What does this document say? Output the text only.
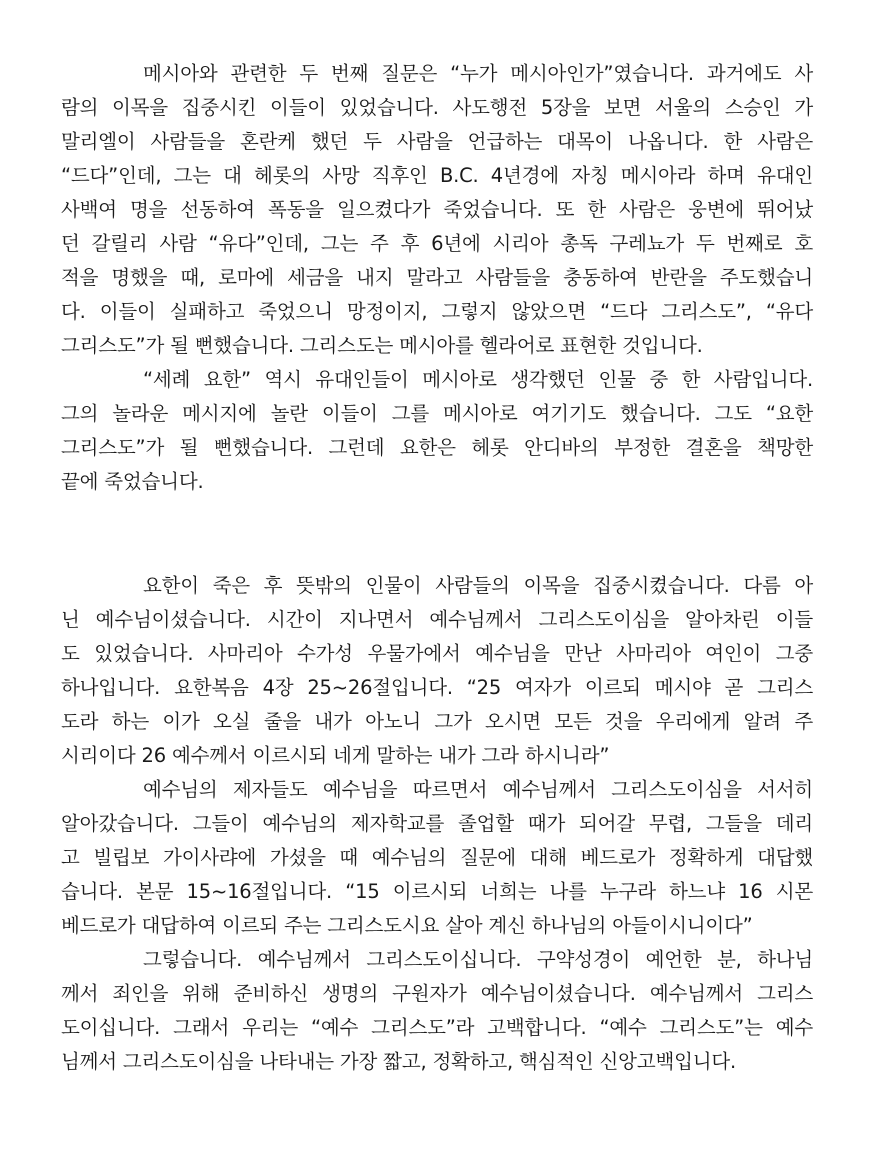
메시아와 관련한 두 번째 질문은 “누가 메시아인가”였습니다. 과거에도 사
람의 이목을 집중시킨 이들이 있었습니다. 사도행전 5장을 보면 서울의 스승인 가
말리엘이 사람들을 혼란케 했던 두 사람을 언급하는 대목이 나옵니다. 한 사람은
“드다”인데, 그는 대 헤롯의 사망 직후인 B.C. 4년경에 자칭 메시아라 하며 유대인
사백여 명을 선동하여 폭동을 일으켰다가 죽었습니다. 또 한 사람은 웅변에 뛰어났
던 갈릴리 사람 “유다”인데, 그는 주 후 6년에 시리아 총독 구레뇨가 두 번째로 호
적을 명했을 때, 로마에 세금을 내지 말라고 사람들을 충동하여 반란을 주도했습니
다. 이들이 실패하고 죽었으니 망정이지, 그렇지 않았으면 “드다 그리스도”, “유다
그리스도”가 될 뻔했습니다. 그리스도는 메시아를 헬라어로 표현한 것입니다.
“세례 요한” 역시 유대인들이 메시아로 생각했던 인물 중 한 사람입니다.
그의 놀라운 메시지에 놀란 이들이 그를 메시아로 여기기도 했습니다. 그도 “요한
그리스도”가 될 뻔했습니다. 그런데 요한은 헤롯 안디바의 부정한 결혼을 책망한
끝에 죽었습니다.
요한이 죽은 후 뜻밖의 인물이 사람들의 이목을 집중시켰습니다. 다름 아
닌 예수님이셨습니다. 시간이 지나면서 예수님께서 그리스도이심을 알아차린 이들
도 있었습니다. 사마리아 수가성 우물가에서 예수님을 만난 사마리아 여인이 그중
하나입니다. 요한복음 4장 25~26절입니다. “25 여자가 이르되 메시야 곧 그리스
도라 하는 이가 오실 줄을 내가 아노니 그가 오시면 모든 것을 우리에게 알려 주
시리이다 26 예수께서 이르시되 네게 말하는 내가 그라 하시니라”
예수님의 제자들도 예수님을 따르면서 예수님께서 그리스도이심을 서서히
알아갔습니다. 그들이 예수님의 제자학교를 졸업할 때가 되어갈 무렵, 그들을 데리
고 빌립보 가이사랴에 가셨을 때 예수님의 질문에 대해 베드로가 정확하게 대답했
습니다. 본문 15~16절입니다. “15 이르시되 너희는 나를 누구라 하느냐 16 시몬
베드로가 대답하여 이르되 주는 그리스도시요 살아 계신 하나님의 아들이시니이다”
그렇습니다. 예수님께서 그리스도이십니다. 구약성경이 예언한 분, 하나님
께서 죄인을 위해 준비하신 생명의 구원자가 예수님이셨습니다. 예수님께서 그리스
도이십니다. 그래서 우리는 “예수 그리스도”라 고백합니다. “예수 그리스도”는 예수
님께서 그리스도이심을 나타내는 가장 짧고, 정확하고, 핵심적인 신앙고백입니다.
